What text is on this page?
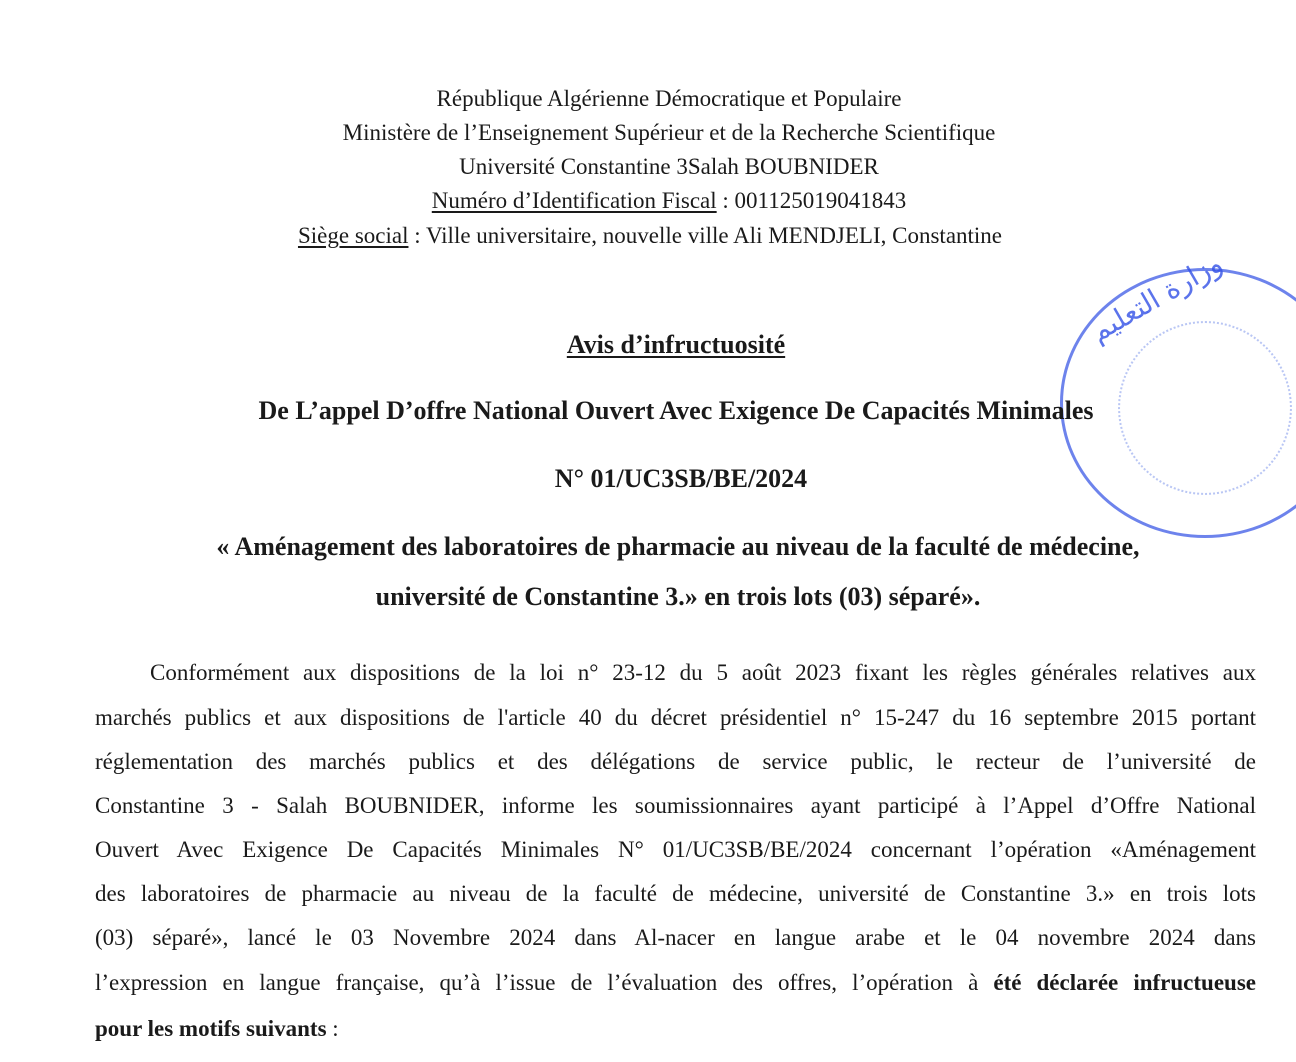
République Algérienne Démocratique et Populaire
Ministère de l’Enseignement Supérieur et de la Recherche Scientifique
Université Constantine 3Salah BOUBNIDER
Numéro d’Identification Fiscal : 001125019041843
Siège social : Ville universitaire, nouvelle ville Ali MENDJELI, Constantine
وزارة التعليم
Avis d’infructuosité
De L’appel D’offre National Ouvert Avec Exigence De Capacités Minimales
N° 01/UC3SB/BE/2024
« Aménagement des laboratoires de pharmacie au niveau de la faculté de médecine,
université de Constantine 3.» en trois lots (03) séparé».
Conformément aux dispositions de la loi n° 23-12 du 5 août 2023 fixant les règles générales relatives aux
marchés publics et aux dispositions de l'article 40 du décret présidentiel n° 15-247 du 16 septembre 2015 portant
réglementation des marchés publics et des délégations de service public, le recteur de l’université de
Constantine 3 - Salah BOUBNIDER, informe les soumissionnaires ayant participé à l’Appel d’Offre National
Ouvert Avec Exigence De Capacités Minimales N° 01/UC3SB/BE/2024 concernant l’opération «Aménagement
des laboratoires de pharmacie au niveau de la faculté de médecine, université de Constantine 3.» en trois lots
(03) séparé», lancé le 03 Novembre 2024 dans Al-nacer en langue arabe et le 04 novembre 2024 dans
l’expression en langue française, qu’à l’issue de l’évaluation des offres, l’opération à été déclarée infructueuse
pour les motifs suivants :
